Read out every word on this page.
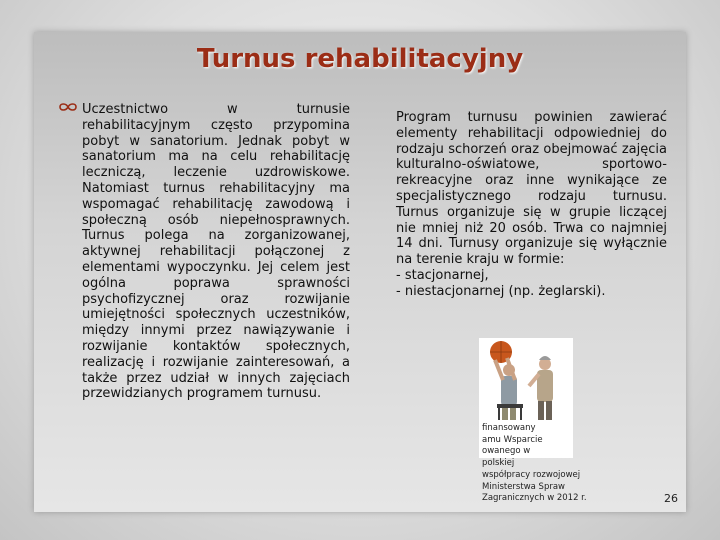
Turnus rehabilitacyjny

Uczestnictwo w turnusie rehabilitacyjnym często przypomina pobyt w sanatorium. Jednak pobyt w sanatorium ma na celu rehabilitację leczniczą, leczenie uzdrowiskowe. Natomiast turnus rehabilitacyjny ma wspomagać rehabilitację zawodową i społeczną osób niepełnosprawnych. Turnus polega na zorganizowanej, aktywnej rehabilitacji połączonej z elementami wypoczynku. Jej celem jest ogólna poprawa sprawności psychofizycznej oraz rozwijanie umiejętności społecznych uczestników, między innymi przez nawiązywanie i rozwijanie kontaktów społecznych, realizację i rozwijanie zainteresowań, a także przez udział w innych zajęciach przewidzianych programem turnusu.

Program turnusu powinien zawierać elementy rehabilitacji odpowiedniej do rodzaju schorzeń oraz obejmować zajęcia kulturalno-oświatowe, sportowo-rekreacyjne oraz inne wynikające ze specjalistycznego rodzaju turnusu. Turnus organizuje się w grupie liczącej nie mniej niż 20 osób. Trwa co najmniej 14 dni. Turnusy organizuje się wyłącznie na terenie kraju w formie:
- stacjonarnej,
- niestacjonarnej (np. żeglarski).

finansowany
amu Wsparcie
owanego w
polskiej
współpracy rozwojowej
Ministerstwa Spraw
Zagranicznych w 2012 r.	26
